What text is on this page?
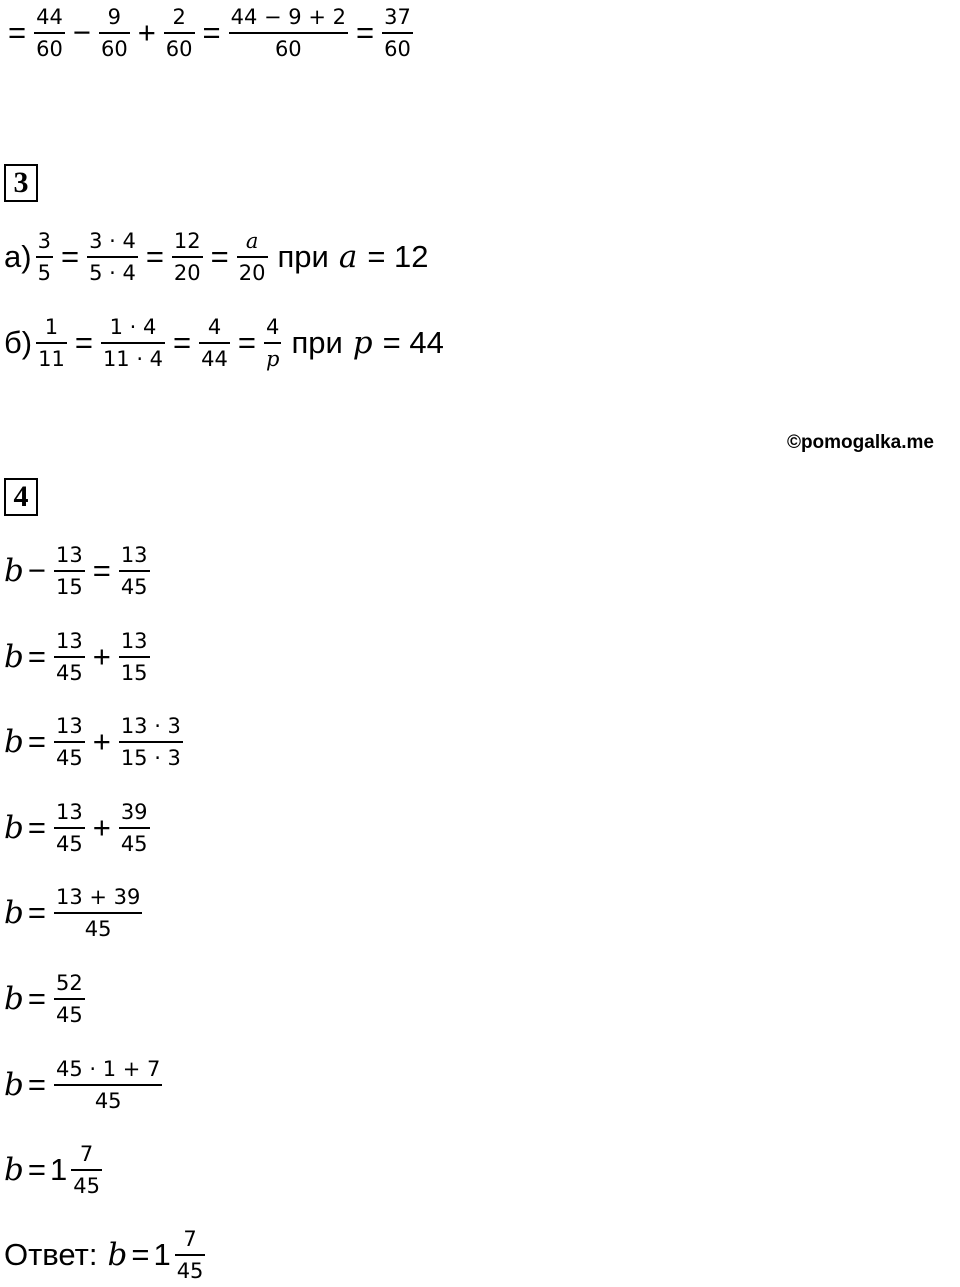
= $\frac{44}{60} - \frac{9}{60} + \frac{2}{60} = \frac{44 - 9 + 2}{60} = \frac{37}{60}$
3
$а) \frac{3}{5} = \frac{3 \cdot 4}{5 \cdot 4} = \frac{12}{20} = \frac{a}{20}$ при a = 12
$б) \frac{1}{11} = \frac{1 \cdot 4}{11 \cdot 4} = \frac{4}{44} = \frac{4}{p}$ при p = 44
©pomogalka.me
4
$b - \frac{13}{15} = \frac{13}{45}$
$b = \frac{13}{45} + \frac{13}{15}$
$b = \frac{13}{45} + \frac{13 \cdot 3}{15 \cdot 3}$
$b = \frac{13}{45} + \frac{39}{45}$
$b = \frac{13 + 39}{45}$
$b = \frac{52}{45}$
$b = \frac{45 \cdot 1 + 7}{45}$
$b = 1 \frac{7}{45}$
Ответ: $b = 1 \frac{7}{45}$
